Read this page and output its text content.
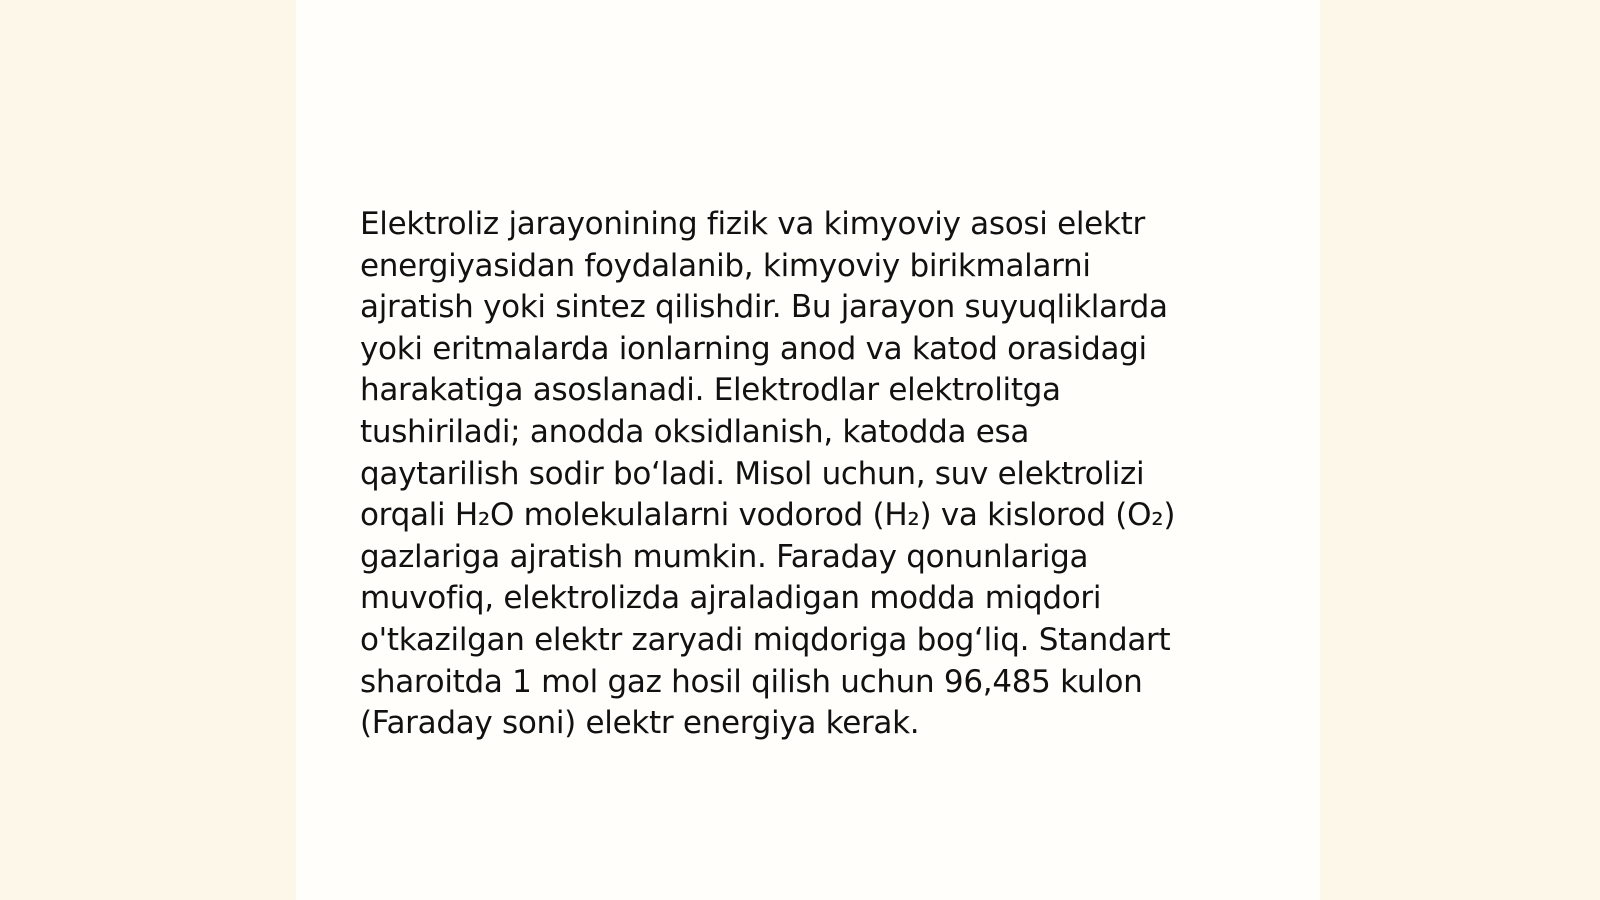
Elektroliz jarayonining fizik va kimyoviy asosi elektr
energiyasidan foydalanib, kimyoviy birikmalarni
ajratish yoki sintez qilishdir. Bu jarayon suyuqliklarda
yoki eritmalarda ionlarning anod va katod orasidagi
harakatiga asoslanadi. Elektrodlar elektrolitga
tushiriladi; anodda oksidlanish, katodda esa
qaytarilish sodir boʻladi. Misol uchun, suv elektrolizi
orqali H₂O molekulalarni vodorod (H₂) va kislorod (O₂)
gazlariga ajratish mumkin. Faraday qonunlariga
muvofiq, elektrolizda ajraladigan modda miqdori
o'tkazilgan elektr zaryadi miqdoriga bogʻliq. Standart
sharoitda 1 mol gaz hosil qilish uchun 96,485 kulon
(Faraday soni) elektr energiya kerak.
